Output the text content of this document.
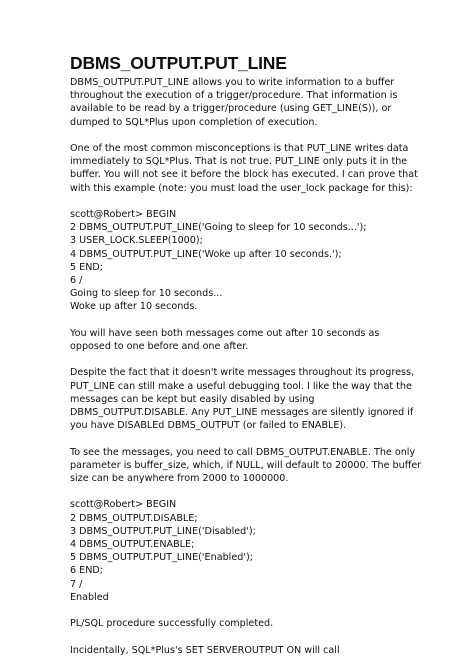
DBMS_OUTPUT.PUT_LINE
DBMS_OUTPUT.PUT_LINE allows you to write information to a buffer
throughout the execution of a trigger/procedure. That information is
available to be read by a trigger/procedure (using GET_LINE(S)), or
dumped to SQL*Plus upon completion of execution.
One of the most common misconceptions is that PUT_LINE writes data
immediately to SQL*Plus. That is not true. PUT_LINE only puts it in the
buffer. You will not see it before the block has executed. I can prove that
with this example (note: you must load the user_lock package for this):
scott@Robert> BEGIN
2 DBMS_OUTPUT.PUT_LINE('Going to sleep for 10 seconds...');
3 USER_LOCK.SLEEP(1000);
4 DBMS_OUTPUT.PUT_LINE('Woke up after 10 seconds.');
5 END;
6 /
Going to sleep for 10 seconds...
Woke up after 10 seconds.
You will have seen both messages come out after 10 seconds as
opposed to one before and one after.
Despite the fact that it doesn't write messages throughout its progress,
PUT_LINE can still make a useful debugging tool. I like the way that the
messages can be kept but easily disabled by using
DBMS_OUTPUT.DISABLE. Any PUT_LINE messages are silently ignored if
you have DISABLEd DBMS_OUTPUT (or failed to ENABLE).
To see the messages, you need to call DBMS_OUTPUT.ENABLE. The only
parameter is buffer_size, which, if NULL, will default to 20000. The buffer
size can be anywhere from 2000 to 1000000.
scott@Robert> BEGIN
2 DBMS_OUTPUT.DISABLE;
3 DBMS_OUTPUT.PUT_LINE('Disabled');
4 DBMS_OUTPUT.ENABLE;
5 DBMS_OUTPUT.PUT_LINE('Enabled');
6 END;
7 /
Enabled
PL/SQL procedure successfully completed.
Incidentally, SQL*Plus's SET SERVEROUTPUT ON will call
